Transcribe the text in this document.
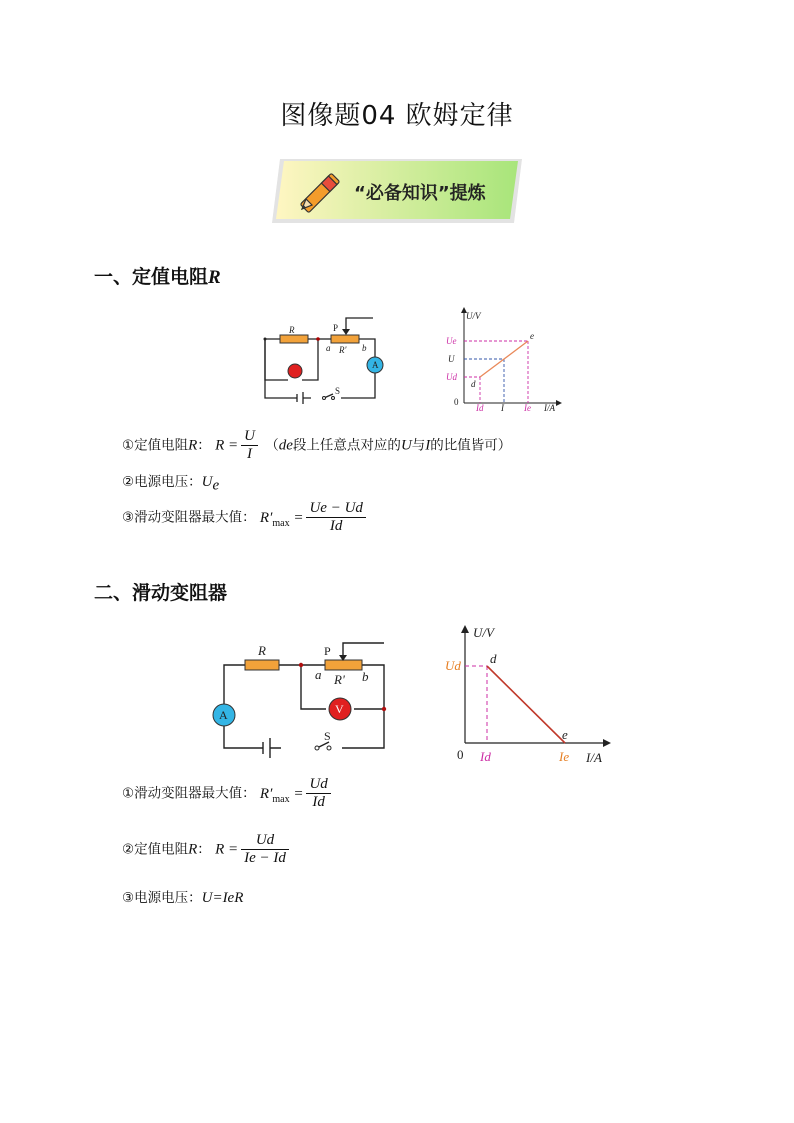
图像题04 欧姆定律
“必备知识”提炼
一、定值电阻R
R
R'
a	b
P
A
S
U/V
I/A
Ue
U
Ud
Id I Ie
d
e
0
①定值电阻R： $R = \frac{U}{I} (de$段上任意点对应的U与I的比值皆可）
②电源电压：$U_e$
③滑动变阻器最大值： $R'_{max} = \frac{Ue - Ud}{Id}$
二、滑动变阻器
R
R'
a	b
P
A	V
S
U/V
I/A
Ud
Id	Ie
d
e
0
①滑动变阻器最大值： $R'_{max} = \frac{Ud}{Id}$
②定值电阻R： $R = \frac{Ud}{Ie - Id}$
③电源电压：U=IeR
